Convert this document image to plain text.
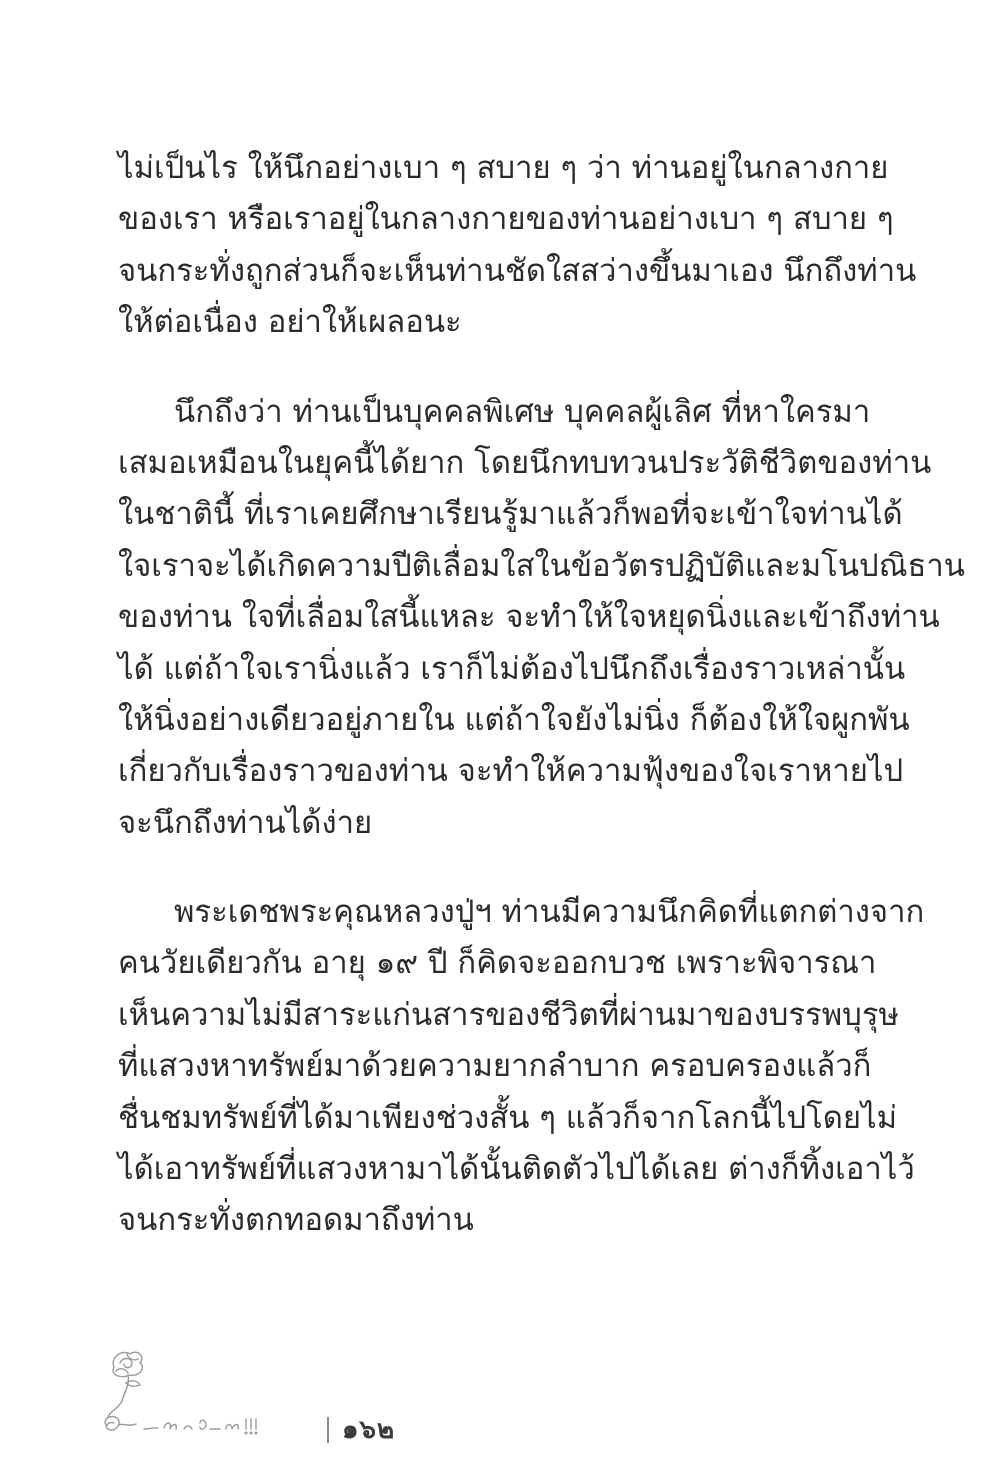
ไม่เป็นไร ให้นึกอย่างเบา ๆ สบาย ๆ ว่า ท่านอยู่ในกลางกาย
ของเรา หรือเราอยู่ในกลางกายของท่านอย่างเบา ๆ สบาย ๆ
จนกระทั่งถูกส่วนก็จะเห็นท่านชัดใสสว่างขึ้นมาเอง นึกถึงท่าน
ให้ต่อเนื่อง อย่าให้เผลอนะ
นึกถึงว่า ท่านเป็นบุคคลพิเศษ บุคคลผู้เลิศ ที่หาใครมา
เสมอเหมือนในยุคนี้ได้ยาก โดยนึกทบทวนประวัติชีวิตของท่าน
ในชาตินี้ ที่เราเคยศึกษาเรียนรู้มาแล้วก็พอที่จะเข้าใจท่านได้
ใจเราจะได้เกิดความปีติเลื่อมใสในข้อวัตรปฏิบัติและมโนปณิธาน
ของท่าน ใจที่เลื่อมใสนี้แหละ จะทำให้ใจหยุดนิ่งและเข้าถึงท่าน
ได้ แต่ถ้าใจเรานิ่งแล้ว เราก็ไม่ต้องไปนึกถึงเรื่องราวเหล่านั้น
ให้นิ่งอย่างเดียวอยู่ภายใน แต่ถ้าใจยังไม่นิ่ง ก็ต้องให้ใจผูกพัน
เกี่ยวกับเรื่องราวของท่าน จะทำให้ความฟุ้งของใจเราหายไป
จะนึกถึงท่านได้ง่าย
พระเดชพระคุณหลวงปู่ฯ ท่านมีความนึกคิดที่แตกต่างจาก
คนวัยเดียวกัน อายุ ๑๙ ปี ก็คิดจะออกบวช เพราะพิจารณา
เห็นความไม่มีสาระแก่นสารของชีวิตที่ผ่านมาของบรรพบุรุษ
ที่แสวงหาทรัพย์มาด้วยความยากลำบาก ครอบครองแล้วก็
ชื่นชมทรัพย์ที่ได้มาเพียงช่วงสั้น ๆ แล้วก็จากโลกนี้ไปโดยไม่
ได้เอาทรัพย์ที่แสวงหามาได้นั้นติดตัวไปได้เลย ต่างก็ทิ้งเอาไว้
จนกระทั่งตกทอดมาถึงท่าน
๑๖๒
